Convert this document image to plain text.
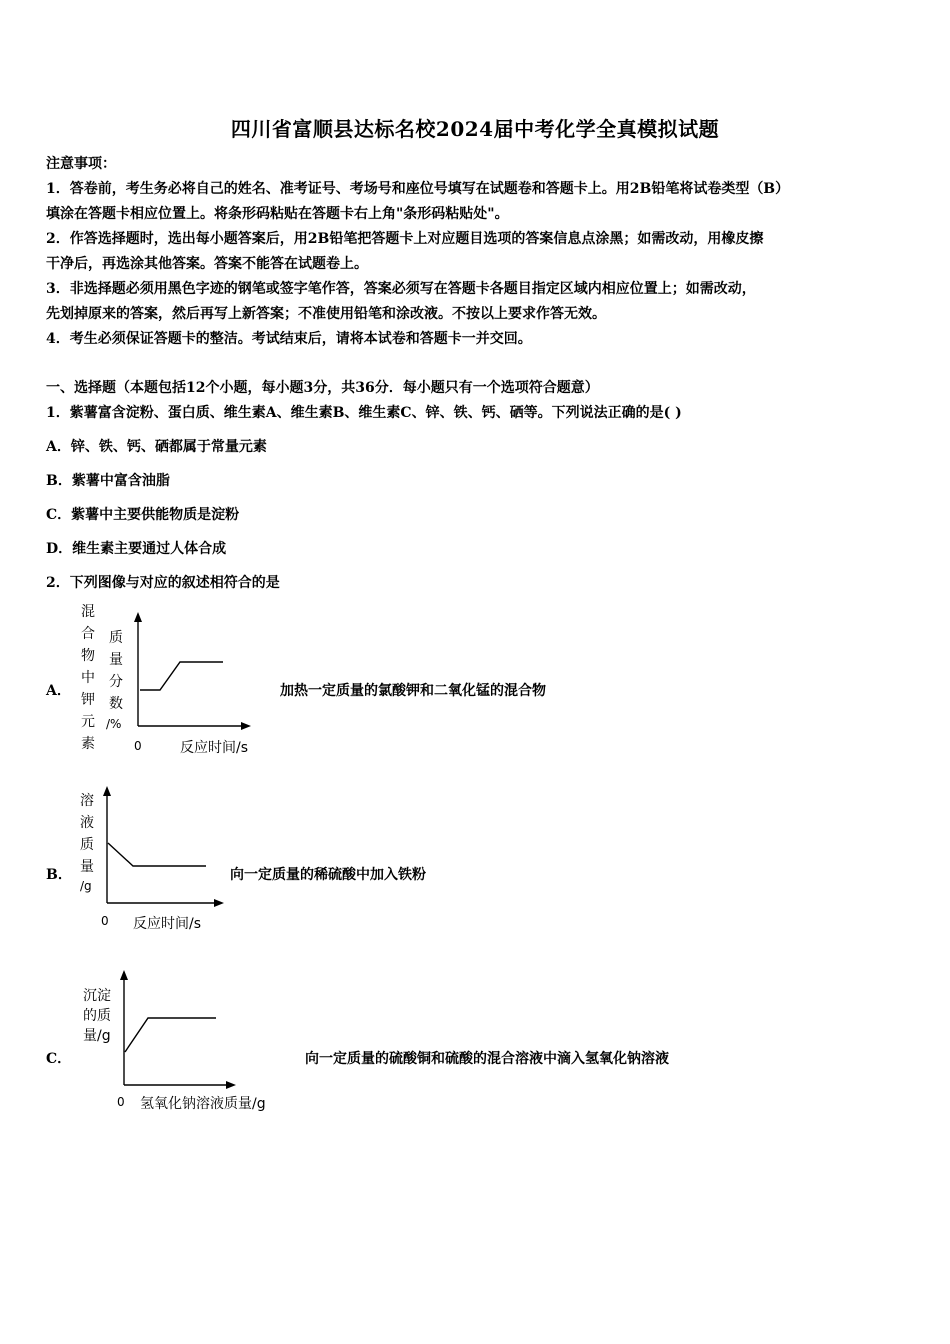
四川省富顺县达标名校2024届中考化学全真模拟试题
注意事项：
1．答卷前，考生务必将自己的姓名、准考证号、考场号和座位号填写在试题卷和答题卡上。用2B铅笔将试卷类型（B）
填涂在答题卡相应位置上。将条形码粘贴在答题卡右上角"条形码粘贴处"。
2．作答选择题时，选出每小题答案后，用2B铅笔把答题卡上对应题目选项的答案信息点涂黑；如需改动，用橡皮擦
干净后，再选涂其他答案。答案不能答在试题卷上。
3．非选择题必须用黑色字迹的钢笔或签字笔作答，答案必须写在答题卡各题目指定区域内相应位置上；如需改动，
先划掉原来的答案，然后再写上新答案；不准使用铅笔和涂改液。不按以上要求作答无效。
4．考生必须保证答题卡的整洁。考试结束后，请将本试卷和答题卡一并交回。
一、选择题（本题包括12个小题，每小题3分，共36分．每小题只有一个选项符合题意）
1．紫薯富含淀粉、蛋白质、维生素A、维生素B、维生素C、锌、铁、钙、硒等。下列说法正确的是( )
A．锌、铁、钙、硒都属于常量元素
B．紫薯中富含油脂
C．紫薯中主要供能物质是淀粉
D．维生素主要通过人体合成
2．下列图像与对应的叙述相符合的是
A．
混
合
物
中
钾
元
素
质
量
分
数
/%
0	反应时间/s
溶
液
质
量
/g
0 反应时间/s
沉淀
的质
量/g
0 氢氧化钠溶液质量/g
加热一定质量的氯酸钾和二氧化锰的混合物
B．	向一定质量的稀硫酸中加入铁粉
C．	向一定质量的硫酸铜和硫酸的混合溶液中滴入氢氧化钠溶液
